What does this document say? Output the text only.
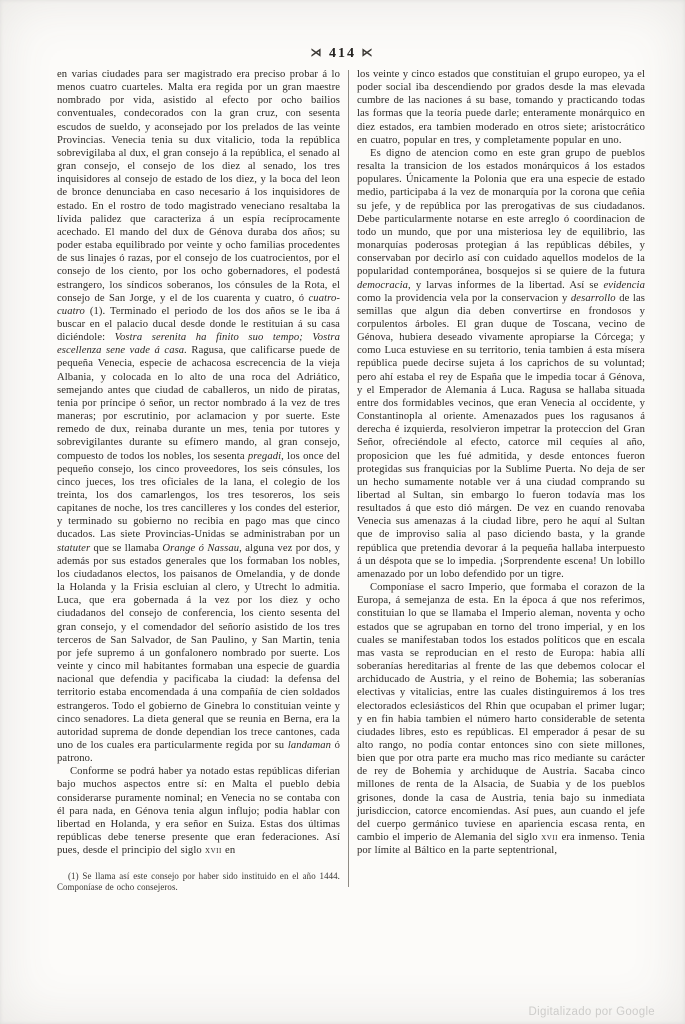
⋊ 414 ⋉

en varias ciudades para ser magistrado era preciso probar á lo menos cuatro cuarteles. Malta era regida por un gran maestre nombrado por vida, asistido al efecto por ocho bailios conventuales, condecorados con la gran cruz, con sesenta escudos de sueldo, y aconsejado por los prelados de las veinte Provincias. Venecia tenia su dux vitalicio, toda la república sobrevigilaba al dux, el gran consejo á la república, el senado al gran consejo, el consejo de los diez al senado, los tres inquisidores al consejo de estado de los diez, y la boca del leon de bronce denunciaba en caso necesario á los inquisidores de estado. En el rostro de todo magistrado veneciano resaltaba la lívida palidez que caracteriza á un espía recíprocamente acechado. El mando del dux de Génova duraba dos años; su poder estaba equilibrado por veinte y ocho familias procedentes de sus linajes ó razas, por el consejo de los cuatrocientos, por el consejo de los ciento, por los ocho gobernadores, el podestá estrangero, los síndicos soberanos, los cónsules de la Rota, el consejo de San Jorge, y el de los cuarenta y cuatro, ó cuatro-cuatro (1). Terminado el periodo de los dos años se le iba á buscar en el palacio ducal desde donde le restituian á su casa diciéndole: Vostra serenita ha finito suo tempo; Vostra escellenza sene vade á casa. Ragusa, que calificarse puede de pequeña Venecia, especie de achacosa escrecencia de la vieja Albania, y colocada en lo alto de una roca del Adriático, semejando antes que ciudad de caballeros, un nido de piratas, tenia por príncipe ó señor, un rector nombrado á la vez de tres maneras; por escrutinio, por aclamacion y por suerte. Este remedo de dux, reinaba durante un mes, tenia por tutores y sobrevigilantes durante su efímero mando, al gran consejo, compuesto de todos los nobles, los sesenta pregadi, los once del pequeño consejo, los cinco proveedores, los seis cónsules, los cinco jueces, los tres oficiales de la lana, el colegio de los treinta, los dos camarlengos, los tres tesoreros, los seis capitanes de noche, los tres cancilleres y los condes del esterior, y terminado su gobierno no recibia en pago mas que cinco ducados. Las siete Provincias-Unidas se administraban por un statuter que se llamaba Orange ó Nassau, alguna vez por dos, y además por sus estados generales que los formaban los nobles, los ciudadanos electos, los paisanos de Omelandia, y de donde la Holanda y la Frisia escluian al clero, y Utrecht lo admitia. Luca, que era gobernada á la vez por los diez y ocho ciudadanos del consejo de conferencia, los ciento sesenta del gran consejo, y el comendador del señorío asistido de los tres terceros de San Salvador, de San Paulino, y San Martin, tenia por jefe supremo á un gonfalonero nombrado por suerte. Los veinte y cinco mil habitantes formaban una especie de guardia nacional que defendia y pacificaba la ciudad: la defensa del territorio estaba encomendada á una compañía de cien soldados estrangeros. Todo el gobierno de Ginebra lo constituian veinte y cinco senadores. La dieta general que se reunia en Berna, era la autoridad suprema de donde dependian los trece cantones, cada uno de los cuales era particularmente regida por su landaman ó patrono.

Conforme se podrá haber ya notado estas repúblicas diferian bajo muchos aspectos entre sí: en Malta el pueblo debia considerarse puramente nominal; en Venecia no se contaba con él para nada, en Génova tenia algun influjo; podia hablar con libertad en Holanda, y era señor en Suiza. Estas dos últimas repúblicas debe tenerse presente que eran federaciones. Así pues, desde el principio del siglo xvii en

(1) Se llama así este consejo por haber sido instituido en el año 1444. Componíase de ocho consejeros.

los veinte y cinco estados que constituian el grupo europeo, ya el poder social iba descendiendo por grados desde la mas elevada cumbre de las naciones á su base, tomando y practicando todas las formas que la teoría puede darle; enteramente monárquico en diez estados, era tambien moderado en otros siete; aristocrático en cuatro, popular en tres, y completamente popular en uno.

Es digno de atencion como en este gran grupo de pueblos resalta la transicion de los estados monárquicos á los estados populares. Únicamente la Polonia que era una especie de estado medio, participaba á la vez de monarquía por la corona que ceñia su jefe, y de república por las prerogativas de sus ciudadanos. Debe particularmente notarse en este arreglo ó coordinacion de todo un mundo, que por una misteriosa ley de equilibrio, las monarquías poderosas protegian á las repúblicas débiles, y conservaban por decirlo así con cuidado aquellos modelos de la popularidad contemporánea, bosquejos si se quiere de la futura democracia, y larvas informes de la libertad. Así se evidencia como la providencia vela por la conservacion y desarrollo de las semillas que algun dia deben convertirse en frondosos y corpulentos árboles. El gran duque de Toscana, vecino de Génova, hubiera deseado vivamente apropiarse la Córcega; y como Luca estuviese en su territorio, tenia tambien á esta mísera república puede decirse sujeta á los caprichos de su voluntad; pero ahí estaba el rey de España que le impedia tocar á Génova, y el Emperador de Alemania á Luca. Ragusa se hallaba situada entre dos formidables vecinos, que eran Venecia al occidente, y Constantinopla al oriente. Amenazados pues los ragusanos á derecha é izquierda, resolvieron impetrar la proteccion del Gran Señor, ofreciéndole al efecto, catorce mil cequíes al año, proposicion que les fué admitida, y desde entonces fueron protegidas sus franquicias por la Sublime Puerta. No deja de ser un hecho sumamente notable ver á una ciudad comprando su libertad al Sultan, sin embargo lo fueron todavía mas los resultados á que esto dió márgen. De vez en cuando renovaba Venecia sus amenazas á la ciudad libre, pero he aquí al Sultan que de improviso salia al paso diciendo basta, y la grande república que pretendia devorar á la pequeña hallaba interpuesto á un déspota que se lo impedia. ¡Sorprendente escena! Un lobillo amenazado por un lobo defendido por un tigre.

Componíase el sacro Imperio, que formaba el corazon de la Europa, á semejanza de esta. En la época á que nos referimos, constituian lo que se llamaba el Imperio aleman, noventa y ocho estados que se agrupaban en torno del trono imperial, y en los cuales se manifestaban todos los estados políticos que en escala mas vasta se reproducian en el resto de Europa: habia allí soberanías hereditarias al frente de las que debemos colocar el archiducado de Austria, y el reino de Bohemia; las soberanías electivas y vitalicias, entre las cuales distinguiremos á los tres electorados eclesiásticos del Rhin que ocupaban el primer lugar; y en fin habia tambien el número harto considerable de setenta ciudades libres, esto es repúblicas. El emperador á pesar de su alto rango, no podía contar entonces sino con siete millones, bien que por otra parte era mucho mas rico mediante su carácter de rey de Bohemia y archiduque de Austria. Sacaba cinco millones de renta de la Alsacia, de Suabia y de los pueblos grisones, donde la casa de Austria, tenia bajo su inmediata jurisdiccion, catorce encomiendas. Así pues, aun cuando el jefe del cuerpo germánico tuviese en apariencia escasa renta, en cambio el imperio de Alemania del siglo xvii era inmenso. Tenia por límite al Báltico en la parte septentrional,

Digitalizado por Google
